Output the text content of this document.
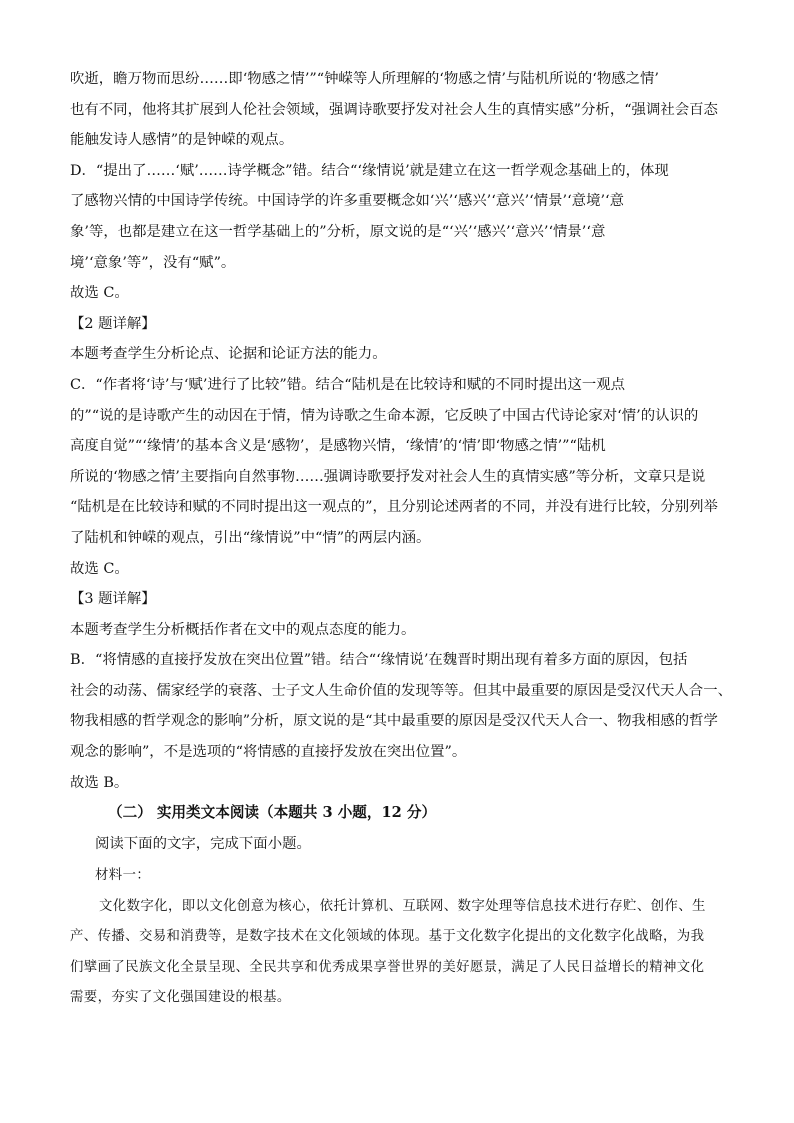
吹逝，瞻万物而思纷……即‘物感之情’”“钟嵘等人所理解的‘物感之情’与陆机所说的‘物感之情’
也有不同，他将其扩展到人伦社会领域，强调诗歌要抒发对社会人生的真情实感”分析，“强调社会百态
能触发诗人感情”的是钟嵘的观点。
D．“提出了……‘赋’……诗学概念”错。结合“‘缘情说’就是建立在这一哲学观念基础上的，体现
了感物兴情的中国诗学传统。中国诗学的许多重要概念如‘兴’‘感兴’‘意兴’‘情景’‘意境’‘意
象’等，也都是建立在这一哲学基础上的”分析，原文说的是“‘兴’‘感兴’‘意兴’‘情景’‘意
境’‘意象’等”，没有“赋”。
故选 C。
【2 题详解】
本题考查学生分析论点、论据和论证方法的能力。
C．“作者将‘诗’与‘赋’进行了比较”错。结合“陆机是在比较诗和赋的不同时提出这一观点
的”“说的是诗歌产生的动因在于情，情为诗歌之生命本源，它反映了中国古代诗论家对‘情’的认识的
高度自觉”“‘缘情’的基本含义是‘感物’，是感物兴情，‘缘情’的‘情’即‘物感之情’”“陆机
所说的‘物感之情’主要指向自然事物……强调诗歌要抒发对社会人生的真情实感”等分析，文章只是说
“陆机是在比较诗和赋的不同时提出这一观点的”，且分别论述两者的不同，并没有进行比较，分别列举
了陆机和钟嵘的观点，引出“缘情说”中“情”的两层内涵。
故选 C。
【3 题详解】
本题考查学生分析概括作者在文中的观点态度的能力。
B．“将情感的直接抒发放在突出位置”错。结合“‘缘情说’在魏晋时期出现有着多方面的原因，包括
社会的动荡、儒家经学的衰落、士子文人生命价值的发现等等。但其中最重要的原因是受汉代天人合一、
物我相感的哲学观念的影响”分析，原文说的是“其中最重要的原因是受汉代天人合一、物我相感的哲学
观念的影响”，不是选项的“将情感的直接抒发放在突出位置”。
故选 B。
（二） 实用类文本阅读（本题共 3 小题，12 分）
阅读下面的文字，完成下面小题。
材料一：
文化数字化，即以文化创意为核心，依托计算机、互联网、数字处理等信息技术进行存贮、创作、生
产、传播、交易和消费等，是数字技术在文化领域的体现。基于文化数字化提出的文化数字化战略，为我
们擘画了民族文化全景呈现、全民共享和优秀成果享誉世界的美好愿景，满足了人民日益增长的精神文化
需要，夯实了文化强国建设的根基。
